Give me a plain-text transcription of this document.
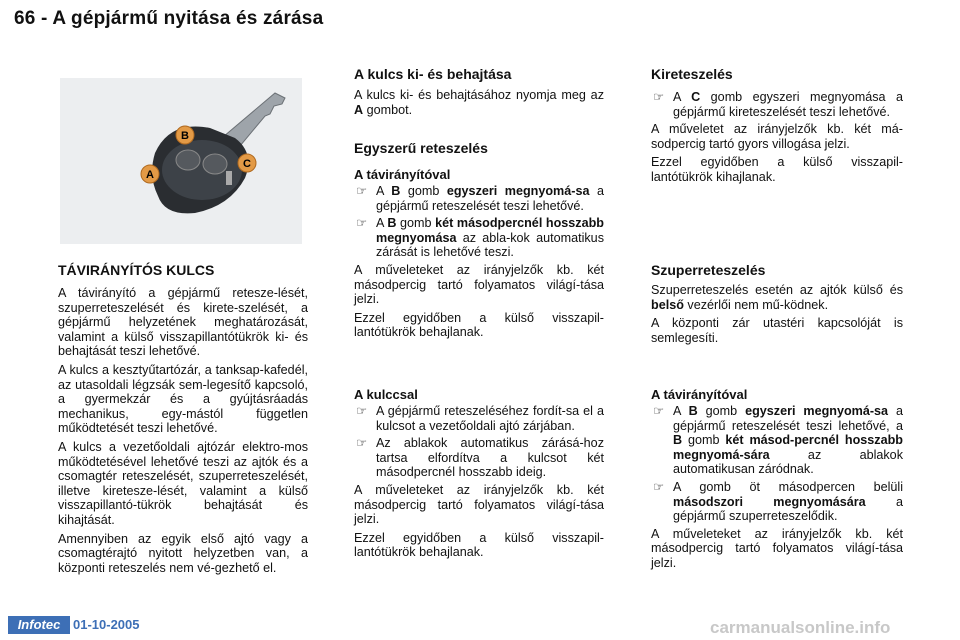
66 - A gépjármű nyitása és zárása
A
B
C
TÁVIRÁNYÍTÓS KULCS

A távirányító a gépjármű retesze-lését, szuperreteszelését és kirete-szelését, a gépjármű helyzetének meghatározását, valamint a külső visszapillantótükrök ki- és behajtását teszi lehetővé.

A kulcs a kesztyűtartózár, a tanksap-kafedél, az utasoldali légzsák sem-legesítő kapcsoló, a gyermekzár és a gyújtásráadás mechanikus, egy-mástól független működtetését teszi lehetővé.

A kulcs a vezetőoldali ajtózár elektro-mos működtetésével lehetővé teszi az ajtók és a csomagtér reteszelését, szuperreteszelését, illetve kireteszе-lését, valamint a külső visszapillantó-tükrök behajtását és kihajtását.

Amennyiben az egyik első ajtó vagy a csomagtérajtó nyitott helyzetben van, a központi reteszelés nem vé-gezhető el.

A kulcs ki- és behajtása

A kulcs ki- és behajtásához nyomja meg az A gombot.

Egyszerű reteszelés
A távirányítóval

☞ A B gomb egyszeri megnyomá-sa a gépjármű reteszelését teszi lehetővé.

☞ A B gomb két másodpercnél hosszabb megnyomása az abla-kok automatikus zárását is lehetővé teszi.

A műveleteket az irányjelzők kb. két másodpercig tartó folyamatos világí-tása jelzi.

Ezzel egyidőben a külső visszapil-lantótükrök behajlanak.

A kulccsal

☞ A gépjármű reteszeléséhez fordít-sa el a kulcsot a vezetőoldali ajtó zárjában.

☞ Az ablakok automatikus zárásá-hoz tartsa elfordítva a kulcsot két másodpercnél hosszabb ideig.

A műveleteket az irányjelzők kb. két másodpercig tartó folyamatos világí-tása jelzi.

Ezzel egyidőben a külső visszapil-lantótükrök behajlanak.

Kireteszelés

☞ A C gomb egyszeri megnyomása a gépjármű kireteszelését teszi lehetővé.

A műveletet az irányjelzők kb. két má-sodpercig tartó gyors villogása jelzi.

Ezzel egyidőben a külső visszapil-lantótükrök kihajlanak.

Szuperreteszelés

Szuperreteszelés esetén az ajtók külső és belső vezérlői nem mű-ködnek.

A központi zár utastéri kapcsolóját is semlegesíti.

A távirányítóval

☞ A B gomb egyszeri megnyomá-sa a gépjármű reteszelését teszi lehetővé, a B gomb két másod-percnél hosszabb megnyomá-sára az ablakok automatikusan záródnak.

☞ A gomb öt másodpercen belüli másodszori megnyomására a gépjármű szuperreteszelődik.

A műveleteket az irányjelzők kb. két másodpercig tartó folyamatos világí-tása jelzi.

Infotec 01-10-2005	carmanualsonline.info
